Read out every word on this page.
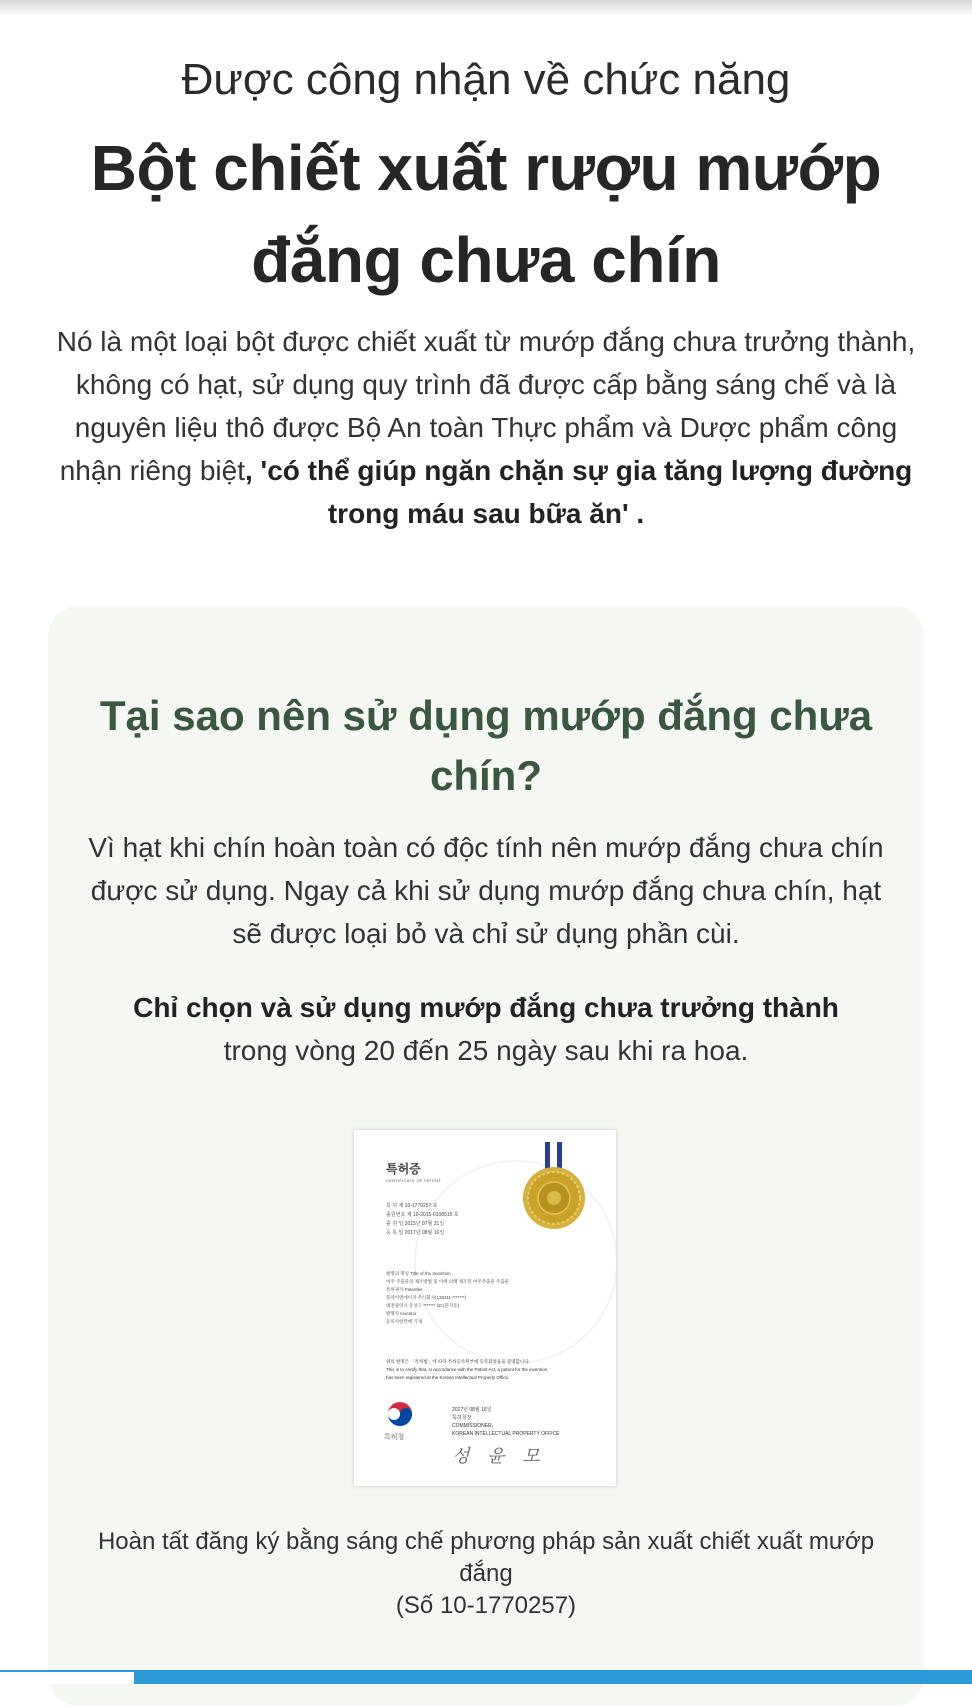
Được công nhận về chức năng
Bột chiết xuất rượu mướp đắng chưa chín
Nó là một loại bột được chiết xuất từ mướp đắng chưa trưởng thành, không có hạt, sử dụng quy trình đã được cấp bằng sáng chế và là nguyên liệu thô được Bộ An toàn Thực phẩm và Dược phẩm công nhận riêng biệt, 'có thể giúp ngăn chặn sự gia tăng lượng đường trong máu sau bữa ăn' .
Tại sao nên sử dụng mướp đắng chưa chín?
Vì hạt khi chín hoàn toàn có độc tính nên mướp đắng chưa chín được sử dụng. Ngay cả khi sử dụng mướp đắng chưa chín, hạt sẽ được loại bỏ và chỉ sử dụng phần cùi.
Chỉ chọn và sử dụng mướp đắng chưa trưởng thành
trong vòng 20 đến 25 ngày sau khi ra hoa.
특허증
CERTIFICATE OF PATENT
특 허 제 10-1770257 호
출원번호 제 10-2015-0108515 호
출 원 일 2015년 07월 31일
등 록 일 2017년 08월 16일
발명의 명칭 Title of the Invention
여주 주출물의 제조방법 및 이에 의해 제조된 여주추출물 주출물
특허권자 Patentee
플라이앤에이지 주식회사(130111-*******)
대전광역시 유성구 ******* 10 (문지동)
발명자 Inventor
등록사항란에 기재
위의 발명은 「특허법」에 따라 특허등록원부에 등록되었음을 증명합니다.
This is to certify that, in accordance with the Patent Act, a patent for the invention
has been registered at the Korean Intellectual Property Office.
특허청
2017년 08월 16일
특허청장
COMMISSIONER,
KOREAN INTELLECTUAL PROPERTY OFFICE
성 윤 모
Hoàn tất đăng ký bằng sáng chế phương pháp sản xuất chiết xuất mướp đắng
(Số 10-1770257)
